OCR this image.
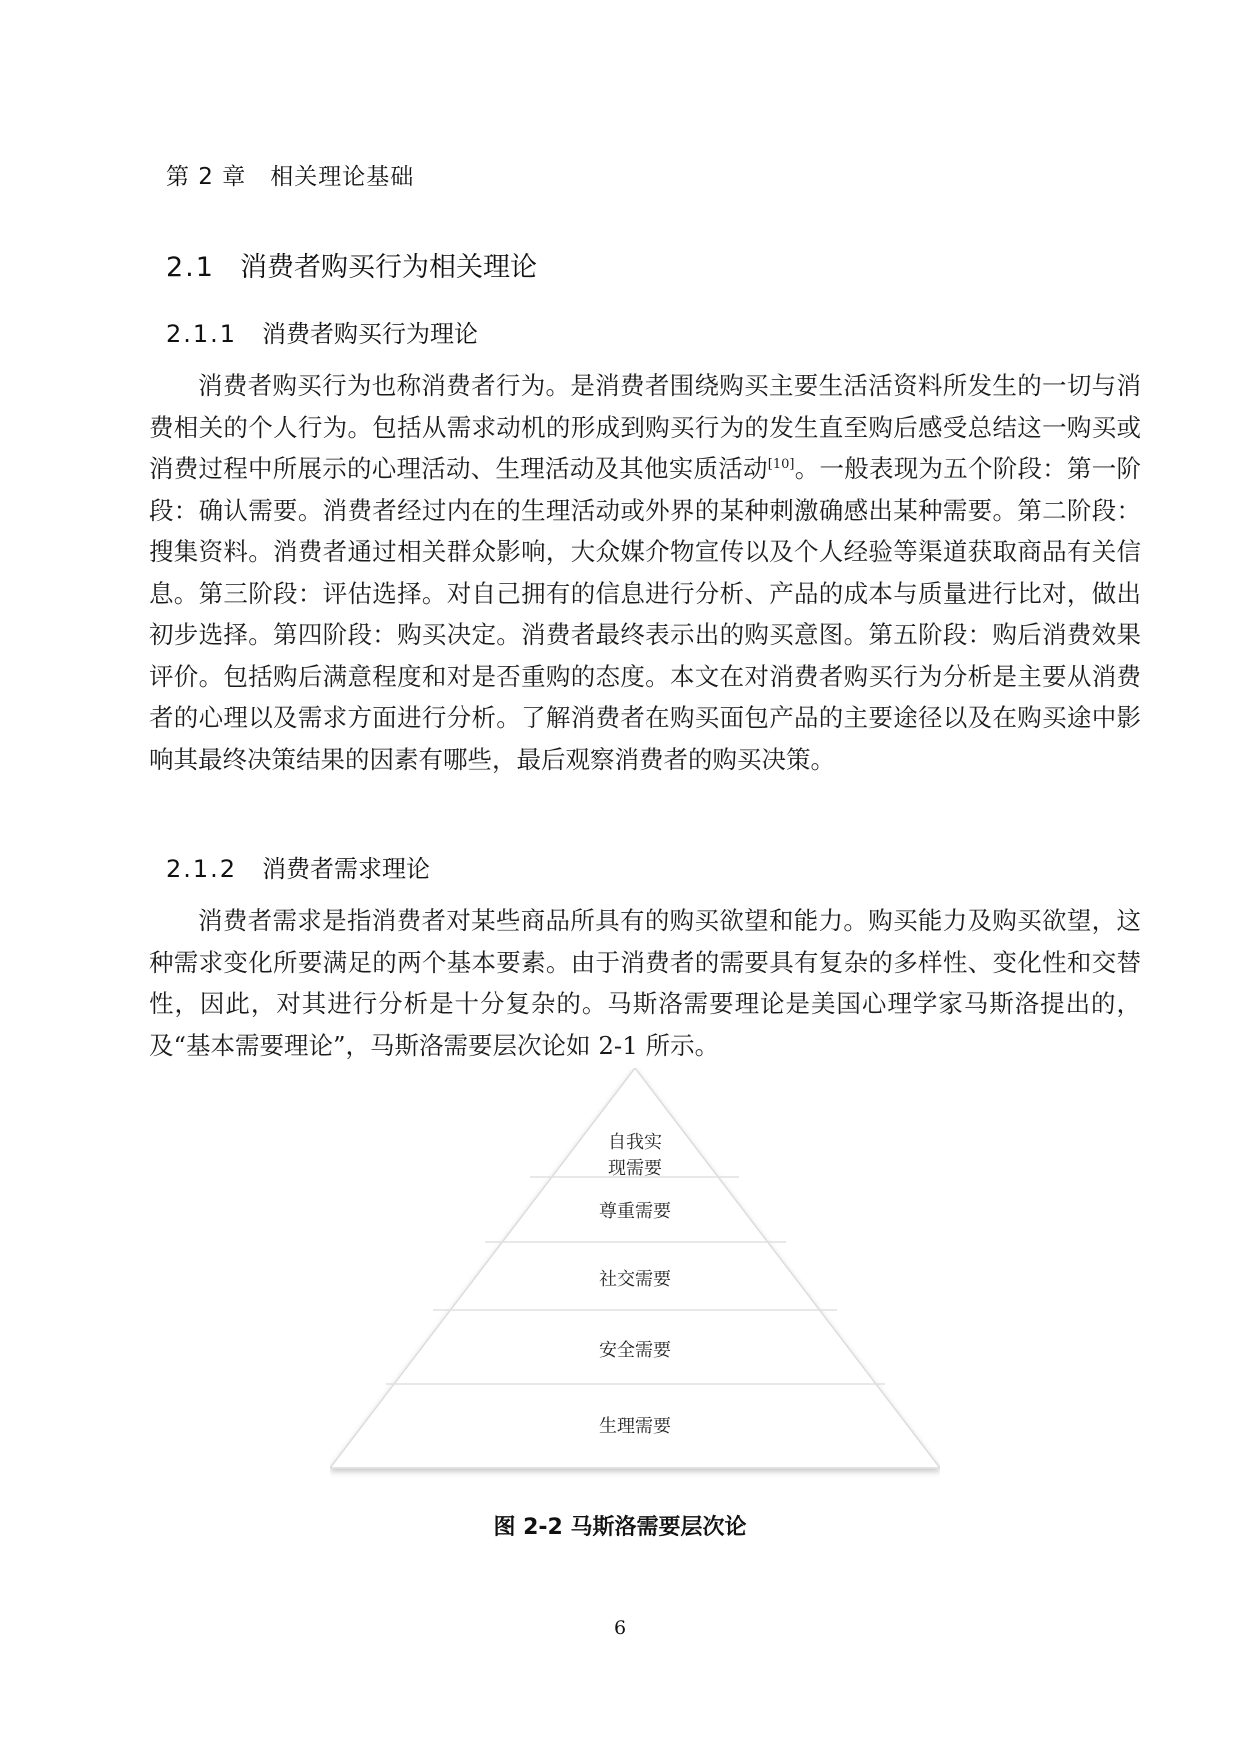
第 2 章　相关理论基础
2.1 消费者购买行为相关理论
2.1.1 消费者购买行为理论

消费者购买行为也称消费者行为。是消费者围绕购买主要生活活资料所发生的一切与消费相关的个人行为。包括从需求动机的形成到购买行为的发生直至购后感受总结这一购买或消费过程中所展示的心理活动、生理活动及其他实质活动[10]。一般表现为五个阶段：第一阶段：确认需要。消费者经过内在的生理活动或外界的某种刺激确感出某种需要。第二阶段：搜集资料。消费者通过相关群众影响，大众媒介物宣传以及个人经验等渠道获取商品有关信息。第三阶段：评估选择。对自己拥有的信息进行分析、产品的成本与质量进行比对，做出初步选择。第四阶段：购买决定。消费者最终表示出的购买意图。第五阶段：购后消费效果评价。包括购后满意程度和对是否重购的态度。本文在对消费者购买行为分析是主要从消费者的心理以及需求方面进行分析。了解消费者在购买面包产品的主要途径以及在购买途中影响其最终决策结果的因素有哪些，最后观察消费者的购买决策。

2.1.2 消费者需求理论

消费者需求是指消费者对某些商品所具有的购买欲望和能力。购买能力及购买欲望，这种需求变化所要满足的两个基本要素。由于消费者的需要具有复杂的多样性、变化性和交替性，因此，对其进行分析是十分复杂的。马斯洛需要理论是美国心理学家马斯洛提出的，及“基本需要理论”，马斯洛需要层次论如 2-1 所示。

自我实
现需要
尊重需要
社交需要
安全需要
生理需要
图 2-2 马斯洛需要层次论
6
